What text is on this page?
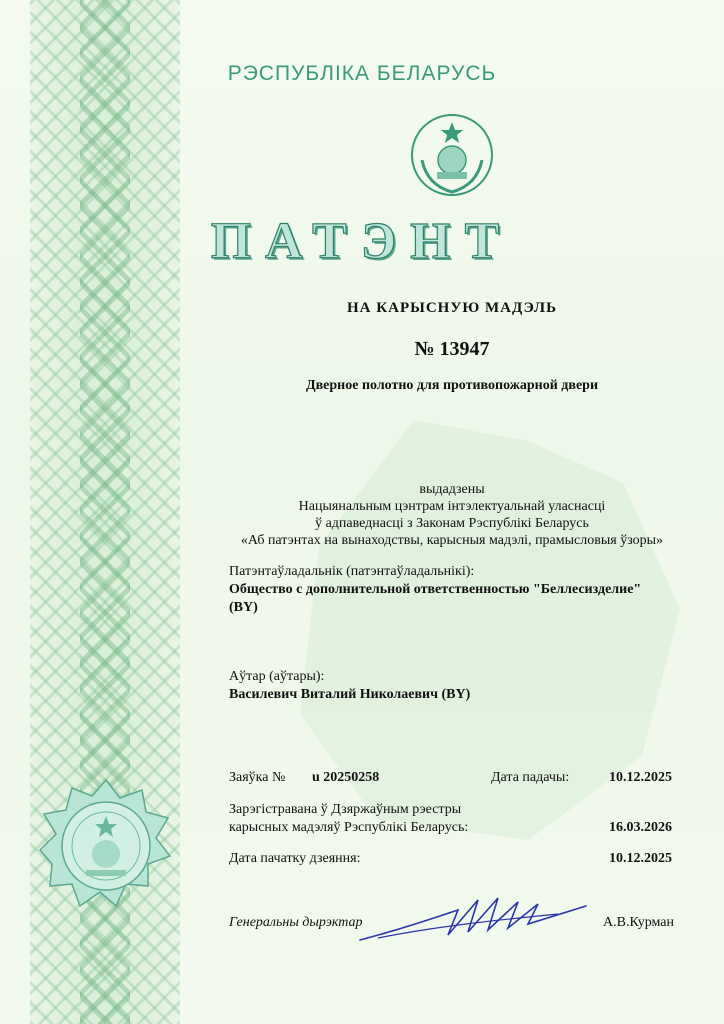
РЭСПУБЛІКА БЕЛАРУСЬ
ПАТЭНТ
НА КАРЫСНУЮ МАДЭЛЬ
№ 13947
Дверное полотно для противопожарной двери
выдадзены
Нацыянальным цэнтрам інтэлектуальнай уласнасці
ў адпаведнасці з Законам Рэспублікі Беларусь
«Аб патэнтах на вынаходствы, карысныя мадэлі, прамысловыя ўзоры»
Патэнтаўладальнік (патэнтаўладальнікі):
Общество с дополнительной ответственностью "Беллесизделие"
(BY)
Аўтар (аўтары):
Василевич Виталий Николаевич (BY)
Заяўка № u 20250258	Дата падачы:	10.12.2025
Зарэгістравана ў Дзяржаўным рэестры
карысных мадэляў Рэспублікі Беларусь:	16.03.2026
Дата пачатку дзеяння:	10.12.2025
Генеральны дырэктар	А.В.Курман
